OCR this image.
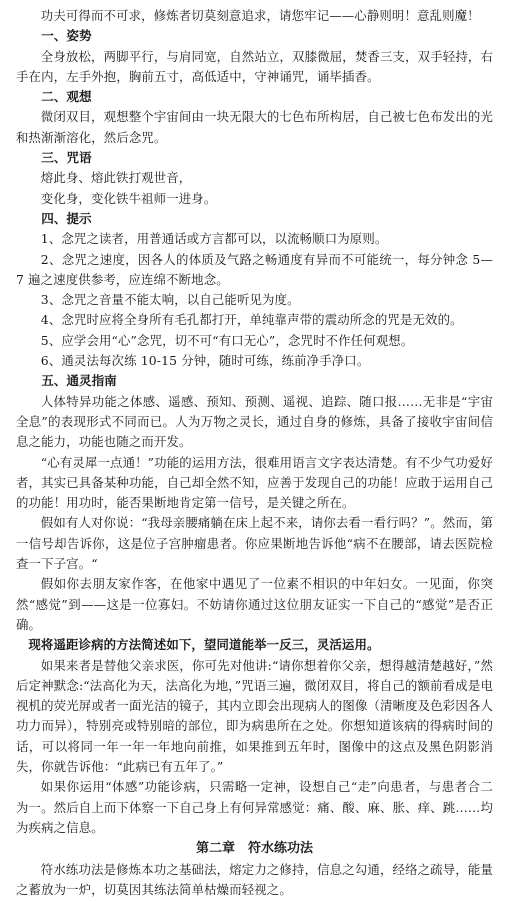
功夫可得而不可求，修炼者切莫刻意追求，请您牢记——心静则明！意乱则魔！

一、姿势

全身放松，两脚平行，与肩同宽，自然站立，双膝微屈，焚香三支，双手轻持，右手在内，左手外抱，胸前五寸，高低适中，守神诵咒，诵毕插香。

二、观想

微闭双目，观想整个宇宙间由一块无限大的七色布所构居，自己被七色布发出的光和热渐渐溶化，然后念咒。

三、咒语

熔此身、熔此铁打观世音，

变化身，变化铁牛祖师一进身。

四、提示

1、念咒之读者，用普通话或方言都可以，以流畅顺口为原则。

2、念咒之速度，因各人的体质及气路之畅通度有异而不可能统一，每分钟念 5—7 遍之速度供参考，应连绵不断地念。

3、念咒之音量不能太响，以自己能听见为度。

4、念咒时应将全身所有毛孔都打开，单纯靠声带的震动所念的咒是无效的。

5、应学会用“心”念咒，切不可“有口无心”，念咒时不作任何观想。

6、通灵法每次练 10-15 分钟，随时可练，练前净手净口。

五、通灵指南

人体特异功能之体感、遥感、预知、预测、遥视、追踪、随口报……无非是“宇宙全息”的表现形式不同而已。人为万物之灵长，通过自身的修炼，具备了接收宇宙间信息之能力，功能也随之而开发。

“心有灵犀一点通！”功能的运用方法，很难用语言文字表达清楚。有不少气功爱好者，其实已具备某种功能，自己却全然不知，应善于发现自己的功能！应敢于运用自己的功能！用功时，能否果断地肯定第一信号，是关键之所在。

假如有人对你说：“我母亲腰痛躺在床上起不来，请你去看一看行吗？”。然而，第一信号却告诉你，这是位子宫肿瘤患者。你应果断地告诉他“病不在腰部，请去医院检查一下子宫。“

假如你去朋友家作客，在他家中遇见了一位素不相识的中年妇女。一见面，你突然“感觉”到——这是一位寡妇。不妨请你通过这位朋友证实一下自己的“感觉”是否正确。

现将遥距诊病的方法简述如下，望同道能举一反三，灵活运用。

如果来者是替他父亲求医，你可先对他讲:“请你想着你父亲，想得越清楚越好，”然后定神默念:“法高化为天，法高化为地，”咒语三遍，微闭双目，将自己的额前看成是电视机的荧光屏或者一面光洁的镜子，其内立即会出现病人的图像（清晰度及色彩因各人功力而异），特别亮或特别暗的部位，即为病患所在之处。你想知道该病的得病时间的话，可以将同一年一年一年地向前推，如果推到五年时，图像中的这点及黑色阴影消失，你就告诉他：“此病已有五年了。”

如果你运用“体感”功能诊病，只需略一定神，设想自己“走”向患者，与患者合二为一。然后自上而下体察一下自己身上有何异常感觉：痛、酸、麻、胀、痒、跳……均为疾病之信息。

第二章　符水练功法

符水练功法是修炼本功之基础法，熔定力之修持，信息之勾通，经络之疏导，能量之蓄放为一炉，切莫因其练法简单枯燥而轻视之。
